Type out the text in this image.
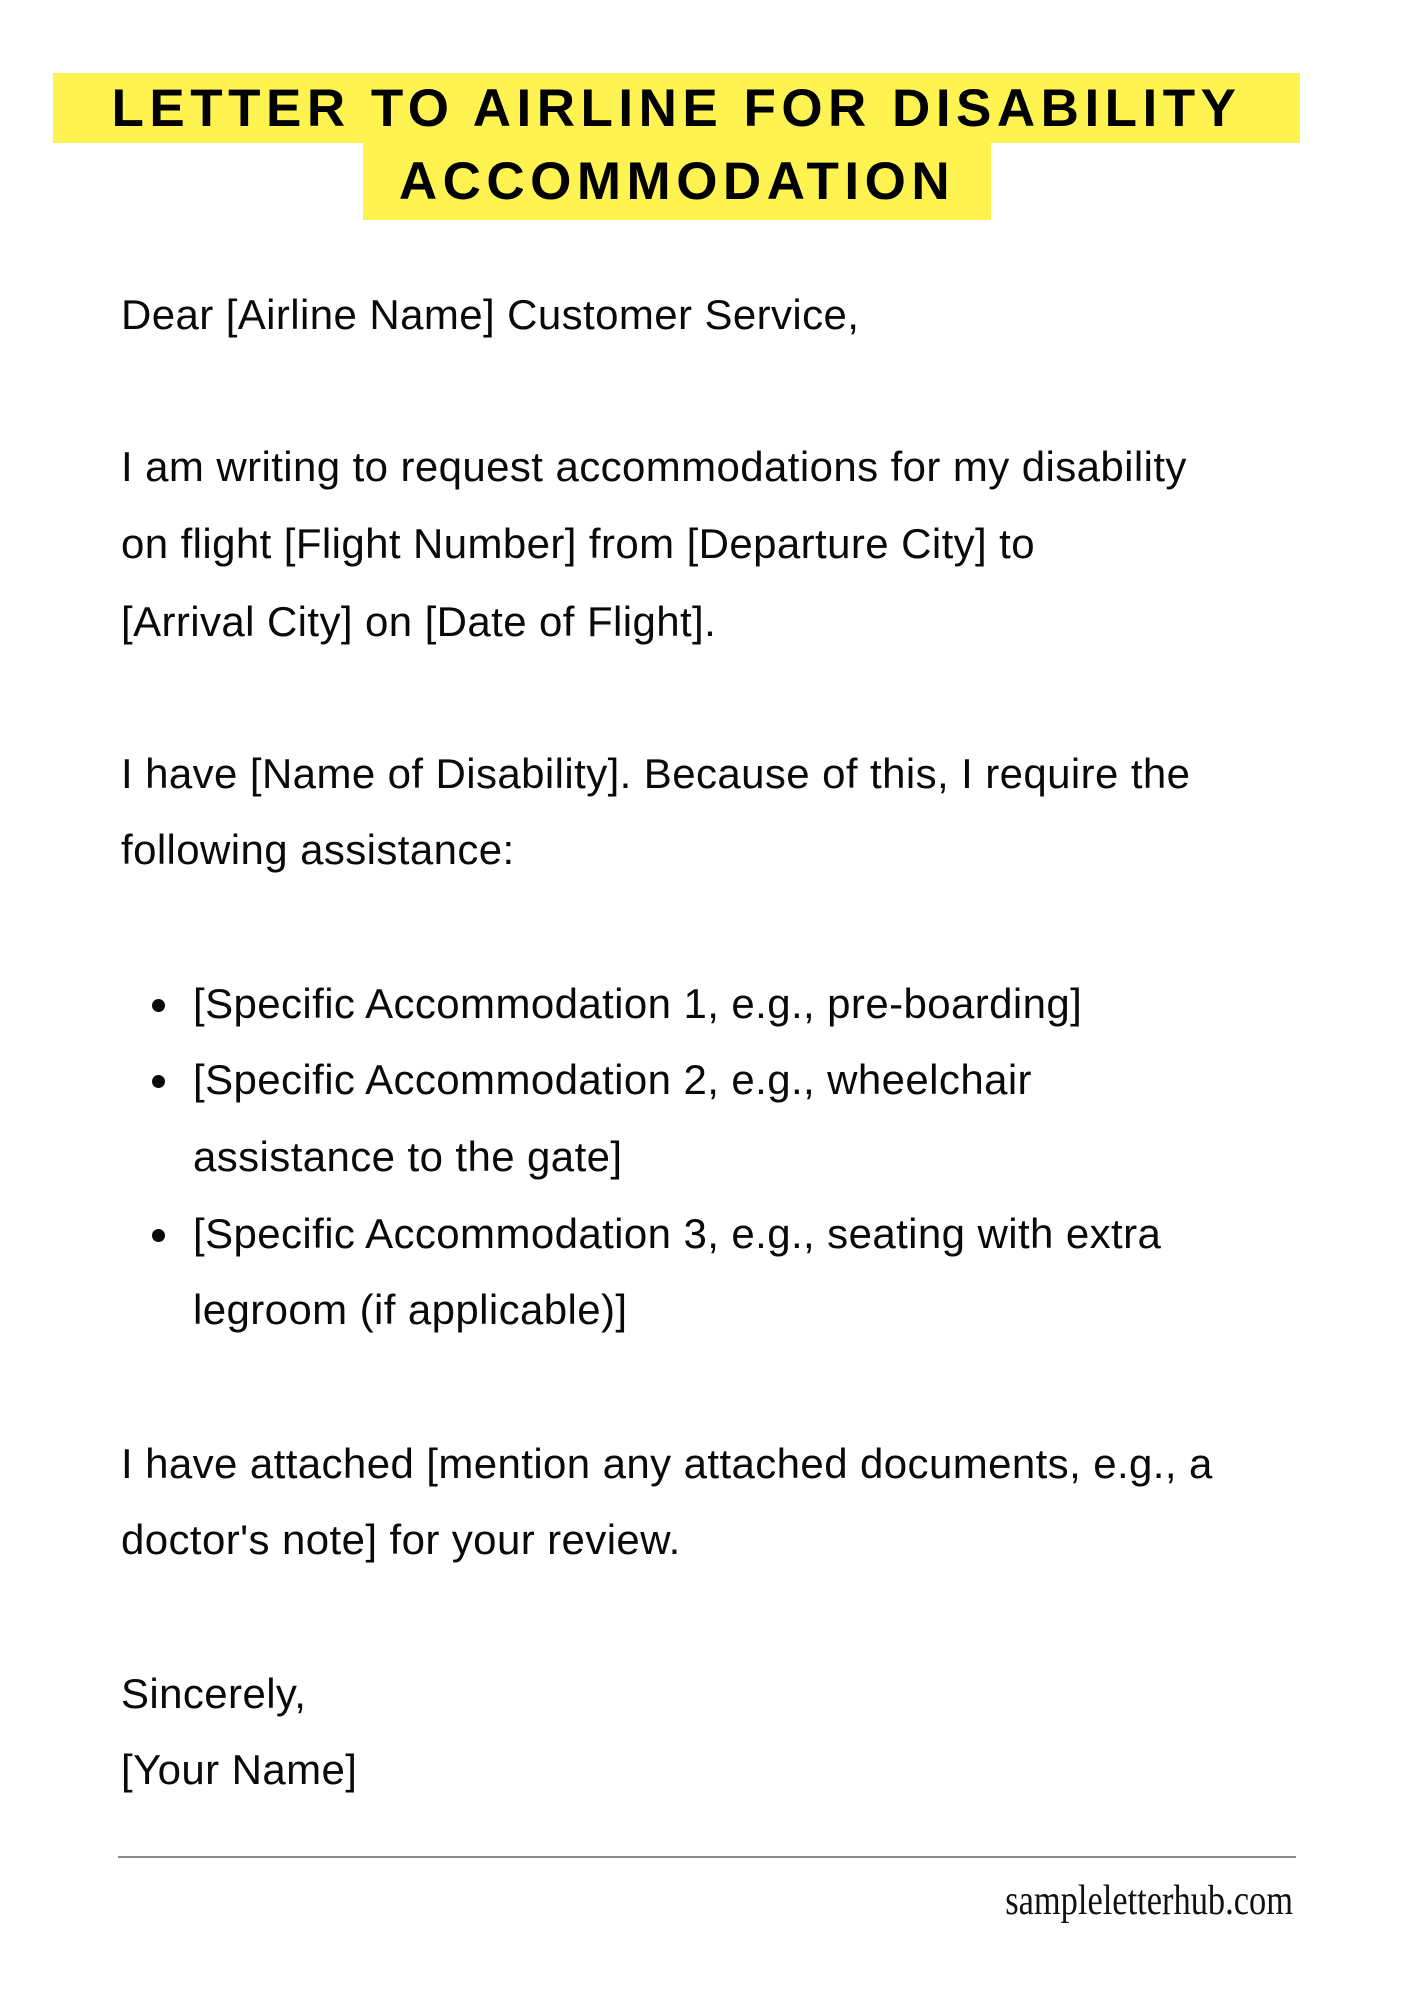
LETTER TO AIRLINE FOR DISABILITY
ACCOMMODATION
Dear [Airline Name] Customer Service,
I am writing to request accommodations for my disability
on flight [Flight Number] from [Departure City] to
[Arrival City] on [Date of Flight].
I have [Name of Disability]. Because of this, I require the
following assistance:
[Specific Accommodation 1, e.g., pre-boarding]
[Specific Accommodation 2, e.g., wheelchair
assistance to the gate]
[Specific Accommodation 3, e.g., seating with extra
legroom (if applicable)]
I have attached [mention any attached documents, e.g., a
doctor's note] for your review.
Sincerely,
[Your Name]
sampleletterhub.com
